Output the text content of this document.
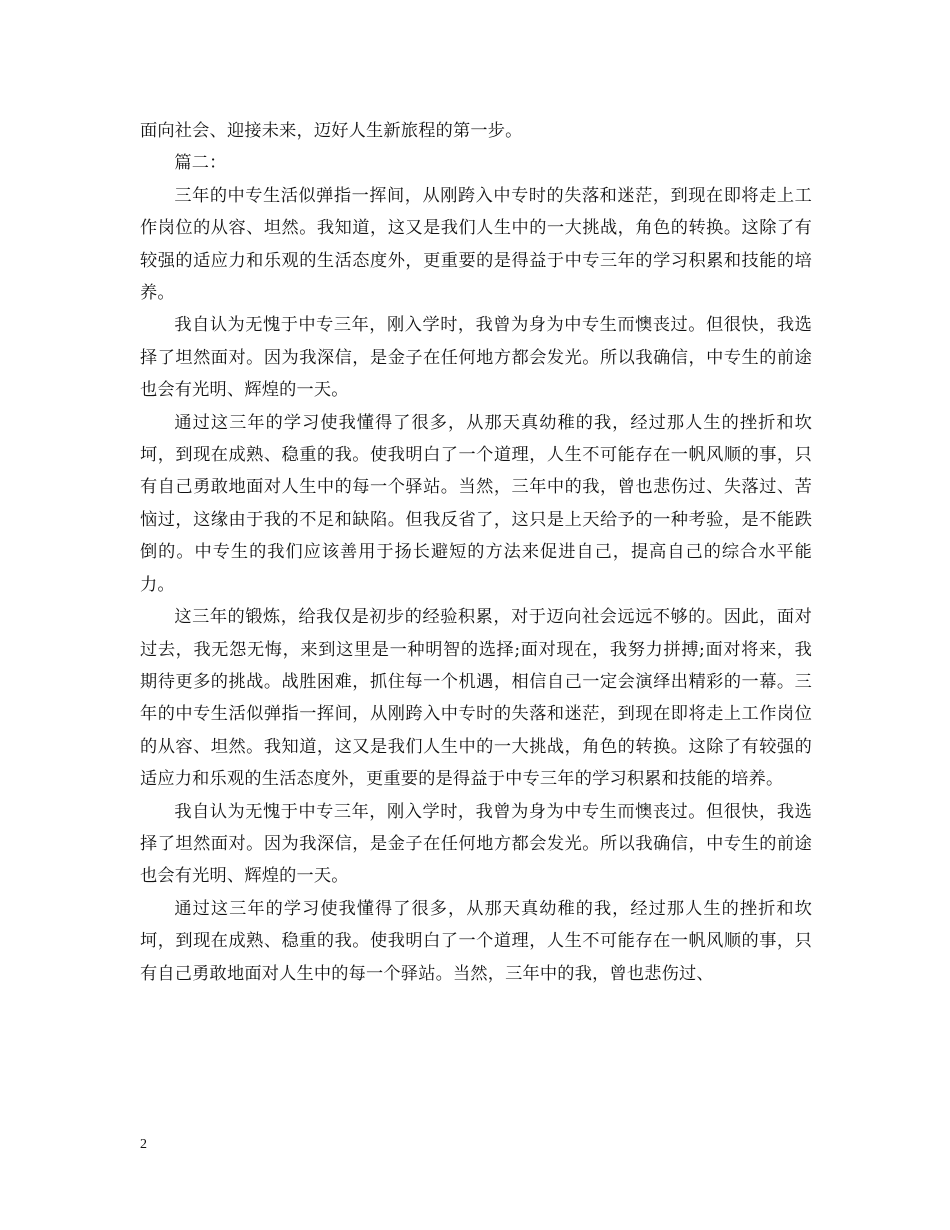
面向社会、迎接未来，迈好人生新旅程的第一步。

篇二：

三年的中专生活似弹指一挥间，从刚跨入中专时的失落和迷茫，到现在即将走上工作岗位的从容、坦然。我知道，这又是我们人生中的一大挑战，角色的转换。这除了有较强的适应力和乐观的生活态度外，更重要的是得益于中专三年的学习积累和技能的培养。

我自认为无愧于中专三年，刚入学时，我曾为身为中专生而懊丧过。但很快，我选择了坦然面对。因为我深信，是金子在任何地方都会发光。所以我确信，中专生的前途也会有光明、辉煌的一天。

通过这三年的学习使我懂得了很多，从那天真幼稚的我，经过那人生的挫折和坎坷，到现在成熟、稳重的我。使我明白了一个道理，人生不可能存在一帆风顺的事，只有自己勇敢地面对人生中的每一个驿站。当然，三年中的我，曾也悲伤过、失落过、苦恼过，这缘由于我的不足和缺陷。但我反省了，这只是上天给予的一种考验，是不能跌倒的。中专生的我们应该善用于扬长避短的方法来促进自己，提高自己的综合水平能力。

这三年的锻炼，给我仅是初步的经验积累，对于迈向社会远远不够的。因此，面对过去，我无怨无悔，来到这里是一种明智的选择;面对现在，我努力拼搏;面对将来，我期待更多的挑战。战胜困难，抓住每一个机遇，相信自己一定会演绎出精彩的一幕。三年的中专生活似弹指一挥间，从刚跨入中专时的失落和迷茫，到现在即将走上工作岗位的从容、坦然。我知道，这又是我们人生中的一大挑战，角色的转换。这除了有较强的适应力和乐观的生活态度外，更重要的是得益于中专三年的学习积累和技能的培养。

我自认为无愧于中专三年，刚入学时，我曾为身为中专生而懊丧过。但很快，我选择了坦然面对。因为我深信，是金子在任何地方都会发光。所以我确信，中专生的前途也会有光明、辉煌的一天。

通过这三年的学习使我懂得了很多，从那天真幼稚的我，经过那人生的挫折和坎坷，到现在成熟、稳重的我。使我明白了一个道理，人生不可能存在一帆风顺的事，只有自己勇敢地面对人生中的每一个驿站。当然，三年中的我，曾也悲伤过、

2
